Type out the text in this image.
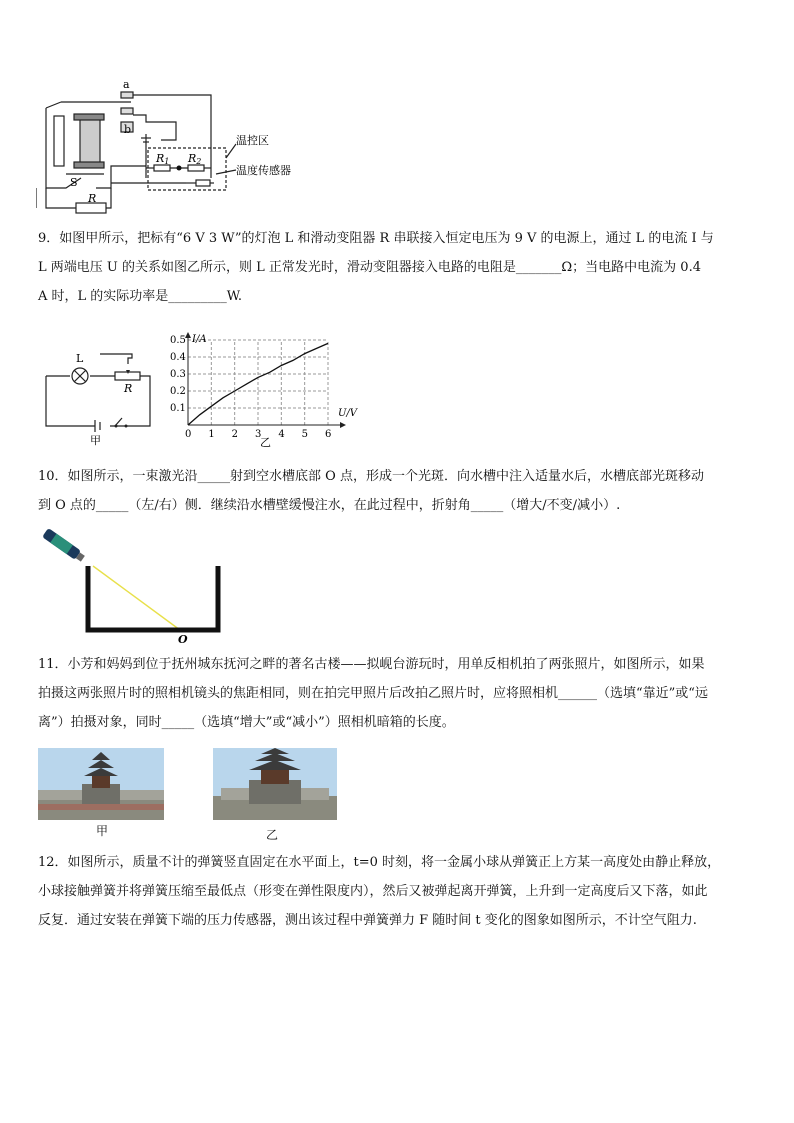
a
b
S
R
R1 R2
温控区
温度传感器
9．如图甲所示，把标有“6 V 3 W”的灯泡 L 和滑动变阻器 R 串联接入恒定电压为 9 V 的电源上，通过 L 的电流 I 与
L 两端电压 U 的关系如图乙所示，则 L 正常发光时，滑动变阻器接入电路的电阻是_______Ω；当电路中电流为 0.4
A 时，L 的实际功率是_________W.
L
R
甲	0 1 2 3 4 5 6
0.1
0.2
0.3
0.4
0.5 I/A
U/V
乙
10．如图所示，一束激光沿_____射到空水槽底部 O 点，形成一个光斑．向水槽中注入适量水后，水槽底部光斑移动
到 O 点的_____（左/右）侧．继续沿水槽壁缓慢注水，在此过程中，折射角_____（增大/不变/减小）.
O
11．小芳和妈妈到位于抚州城东抚河之畔的著名古楼——拟岘台游玩时，用单反相机拍了两张照片，如图所示，如果
拍摄这两张照片时的照相机镜头的焦距相同，则在拍完甲照片后改拍乙照片时，应将照相机______（选填“靠近”或“远
离”）拍摄对象，同时_____（选填“增大”或“减小”）照相机暗箱的长度。
甲	乙
12．如图所示，质量不计的弹簧竖直固定在水平面上，t=0 时刻，将一金属小球从弹簧正上方某一高度处由静止释放，
小球接触弹簧并将弹簧压缩至最低点（形变在弹性限度内），然后又被弹起离开弹簧，上升到一定高度后又下落，如此
反复．通过安装在弹簧下端的压力传感器，测出该过程中弹簧弹力 F 随时间 t 变化的图象如图所示，不计空气阻力.
